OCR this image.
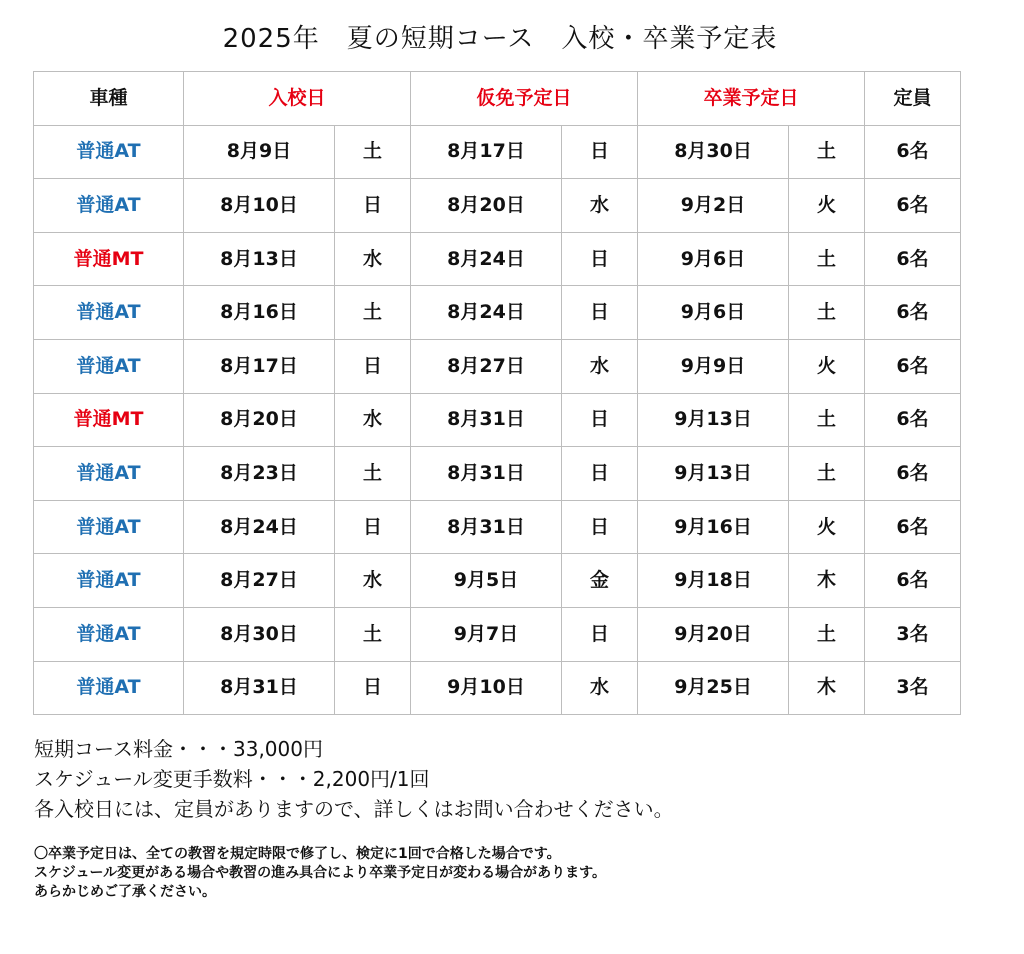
2025年　夏の短期コース　入校・卒業予定表
車種	入校日		仮免予定日		卒業予定日		定員
普通AT	8月9日	土	8月17日	日	8月30日	土	6名
普通AT	8月10日	日	8月20日	水	9月2日	火	6名
普通MT	8月13日	水	8月24日	日	9月6日	土	6名
普通AT	8月16日	土	8月24日	日	9月6日	土	6名
普通AT	8月17日	日	8月27日	水	9月9日	火	6名
普通MT	8月20日	水	8月31日	日	9月13日	土	6名
普通AT	8月23日	土	8月31日	日	9月13日	土	6名
普通AT	8月24日	日	8月31日	日	9月16日	火	6名
普通AT	8月27日	水	9月5日	金	9月18日	木	6名
普通AT	8月30日	土	9月7日	日	9月20日	土	3名
普通AT	8月31日	日	9月10日	水	9月25日	木	3名
短期コース料金・・・33,000円
スケジュール変更手数料・・・2,200円/1回
各入校日には、定員がありますので、詳しくはお問い合わせください。
〇卒業予定日は、全ての教習を規定時限で修了し、検定に1回で合格した場合です。
スケジュール変更がある場合や教習の進み具合により卒業予定日が変わる場合があります。
あらかじめご了承ください。
